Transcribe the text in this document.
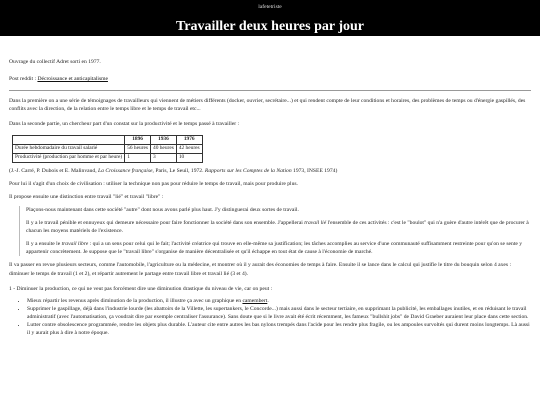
lafetetriste
Travailler deux heures par jour

Ouvrage du collectif Adret sorti en 1977.

Post reddit : Décroissance et anticapitalisme

Dans la première on a une série de témoignages de travailleurs qui viennent de métiers différents (docker, ouvrier, secrétaire...) et qui rendent compte de leur conditions et horaires, des problèmes de temps ou d'énergie gaspillés, des conflits avec la direction, de la relation entre le temps libre et le temps de travail etc...

Dans la seconde partie, un chercheur part d'un constat sur la productivité et le temps passé à travailler :

	1896	1936	1976
Durée hebdomadaire du travail salarié	56 heures	40 heures	42 heures
Productivité (production par homme et par heure)	1	3	10

(J.-J. Carré, P. Dubois et E. Malinvaud, La Croissance française, Paris, Le Seuil, 1972. Rapports sur les Comptes de la Nation 1973, INSEE 1974)

Pour lui il s'agit d'un choix de civilisation : utiliser la technique non pas pour réduire le temps de travail, mais pour produire plus.

Il propose ensuite une distinction entre travail "lié" et travail "libre" :

Plaçons-nous maintenant dans cette société "autre" dont nous avons parlé plus haut. J'y distinguerai deux sortes de travail.

Il y a le travail pénible et ennuyeux qui demeure nécessaire pour faire fonctionner la société dans son ensemble. J'appellerai travail lié l'ensemble de ces activités : c'est le "boulot" qui n'a guère d'autre intérêt que de procurer à chacun les moyens matériels de l'existence.

Il y a ensuite le travail libre : qui a un sens pour celui qui le fait; l'activité créatrice qui trouve en elle-même sa justification; les tâches accomplies au service d'une communauté suffisamment restreinte pour qu'on se sente y appartenir concrètement. Je suppose que le "travail libre" s'organise de manière décentralisée et qu'il échappe en tout état de cause à l'économie de marché.

Il va passer en revue plusieurs secteurs, comme l'automobile, l'agriculture ou la médecine, et montrer où il y aurait des économies de temps à faire. Ensuite il se lance dans le calcul qui justifie le titre du bouquin selon 4 axes : diminuer le temps de travail (1 et 2), et répartir autrement le partage entre travail libre et travail lié (3 et 4).

1 - Diminuer la production, ce qui ne veut pas forcément dire une diminution drastique du niveau de vie, car on peut :

• Mieux répartir les revenus après diminution de la production, il illustre ça avec un graphique en camembert.
• Supprimer le gaspillage, déjà dans l'industrie lourde (les abattoirs de la Villette, les supertankers, le Concorde...) mais aussi dans le secteur tertiaire, en supprimant la publicité, les emballages inutiles, et en réduisant le travail administratif (avec l'automatisation, ça voudrait dire par exemple centraliser l'assurance). Sans doute que si le livre avait été écrit récemment, les fameux "bullshit jobs" de David Graeber auraient leur place dans cette section.
• Lutter contre obsolescence programmée, rendre les objets plus durable. L'auteur cite entre autres les bas nylons trempés dans l'acide pour les rendre plus fragile, ou les ampoules survoltés qui durent moins longtemps. Là aussi il y aurait plus à dire à notre époque.
